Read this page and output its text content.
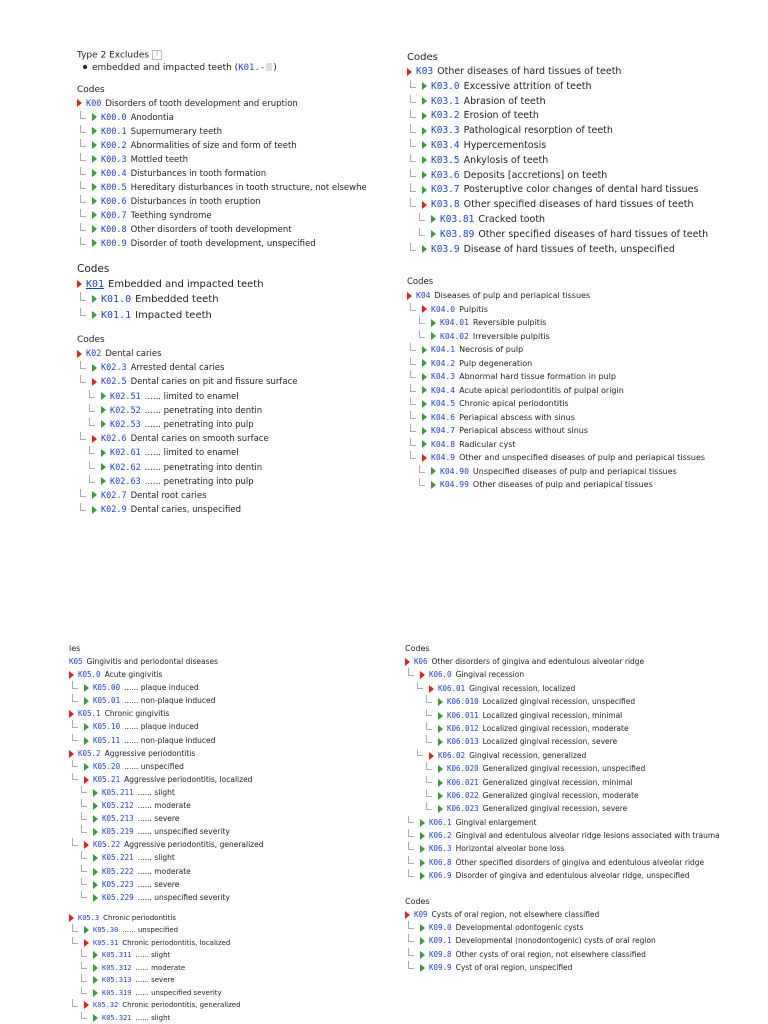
Type 2 Excludes ?
embedded and impacted teeth (K01.- )
Codes
K00 Disorders of tooth development and eruption
K00.0 Anodontia
K00.1 Supernumerary teeth
K00.2 Abnormalities of size and form of teeth
K00.3 Mottled teeth
K00.4 Disturbances in tooth formation
K00.5 Hereditary disturbances in tooth structure, not elsewhe
K00.6 Disturbances in tooth eruption
K00.7 Teething syndrome
K00.8 Other disorders of tooth development
K00.9 Disorder of tooth development, unspecified
Codes
K01 Embedded and impacted teeth
K01.0 Embedded teeth
K01.1 Impacted teeth
Codes
K02 Dental caries
K02.3 Arrested dental caries
K02.5 Dental caries on pit and fissure surface
K02.51 ...... limited to enamel
K02.52 ...... penetrating into dentin
K02.53 ...... penetrating into pulp
K02.6 Dental caries on smooth surface
K02.61 ...... limited to enamel
K02.62 ...... penetrating into dentin
K02.63 ...... penetrating into pulp
K02.7 Dental root caries
K02.9 Dental caries, unspecified
Codes
K03 Other diseases of hard tissues of teeth
K03.0 Excessive attrition of teeth
K03.1 Abrasion of teeth
K03.2 Erosion of teeth
K03.3 Pathological resorption of teeth
K03.4 Hypercementosis
K03.5 Ankylosis of teeth
K03.6 Deposits [accretions] on teeth
K03.7 Posteruptive color changes of dental hard tissues
K03.8 Other specified diseases of hard tissues of teeth
K03.81 Cracked tooth
K03.89 Other specified diseases of hard tissues of teeth
K03.9 Disease of hard tissues of teeth, unspecified
Codes
K04 Diseases of pulp and periapical tissues
K04.0 Pulpitis
K04.01 Reversible pulpitis
K04.02 Irreversible pulpitis
K04.1 Necrosis of pulp
K04.2 Pulp degeneration
K04.3 Abnormal hard tissue formation in pulp
K04.4 Acute apical periodontitis of pulpal origin
K04.5 Chronic apical periodontitis
K04.6 Periapical abscess with sinus
K04.7 Periapical abscess without sinus
K04.8 Radicular cyst
K04.9 Other and unspecified diseases of pulp and periapical tissues
K04.90 Unspecified diseases of pulp and periapical tissues
K04.99 Other diseases of pulp and periapical tissues
les
K05 Gingivitis and periodontal diseases
K05.0 Acute gingivitis
K05.00 ...... plaque induced
K05.01 ...... non-plaque induced
K05.1 Chronic gingivitis
K05.10 ...... plaque induced
K05.11 ...... non-plaque induced
K05.2 Aggressive periodontitis
K05.20 ...... unspecified
K05.21 Aggressive periodontitis, localized
K05.211 ...... slight
K05.212 ...... moderate
K05.213 ...... severe
K05.219 ...... unspecified severity
K05.22 Aggressive periodontitis, generalized
K05.221 ...... slight
K05.222 ...... moderate
K05.223 ...... severe
K05.229 ...... unspecified severity
K05.3 Chronic periodontitis
K05.30 ...... unspecified
K05.31 Chronic periodontitis, localized
K05.311 ...... slight
K05.312 ...... moderate
K05.313 ...... severe
K05.319 ...... unspecified severity
K05.32 Chronic periodontitis, generalized
K05.321 ...... slight
Codes
K06 Other disorders of gingiva and edentulous alveolar ridge
K06.0 Gingival recession
K06.01 Gingival recession, localized
K06.010 Localized gingival recession, unspecified
K06.011 Localized gingival recession, minimal
K06.012 Localized gingival recession, moderate
K06.013 Localized gingival recession, severe
K06.02 Gingival recession, generalized
K06.020 Generalized gingival recession, unspecified
K06.021 Generalized gingival recession, minimal
K06.022 Generalized gingival recession, moderate
K06.023 Generalized gingival recession, severe
K06.1 Gingival enlargement
K06.2 Gingival and edentulous alveolar ridge lesions associated with trauma
K06.3 Horizontal alveolar bone loss
K06.8 Other specified disorders of gingiva and edentulous alveolar ridge
K06.9 Disorder of gingiva and edentulous alveolar ridge, unspecified
Codes
K09 Cysts of oral region, not elsewhere classified
K09.0 Developmental odontogenic cysts
K09.1 Developmental (nonodontogenic) cysts of oral region
K09.8 Other cysts of oral region, not elsewhere classified
K09.9 Cyst of oral region, unspecified
